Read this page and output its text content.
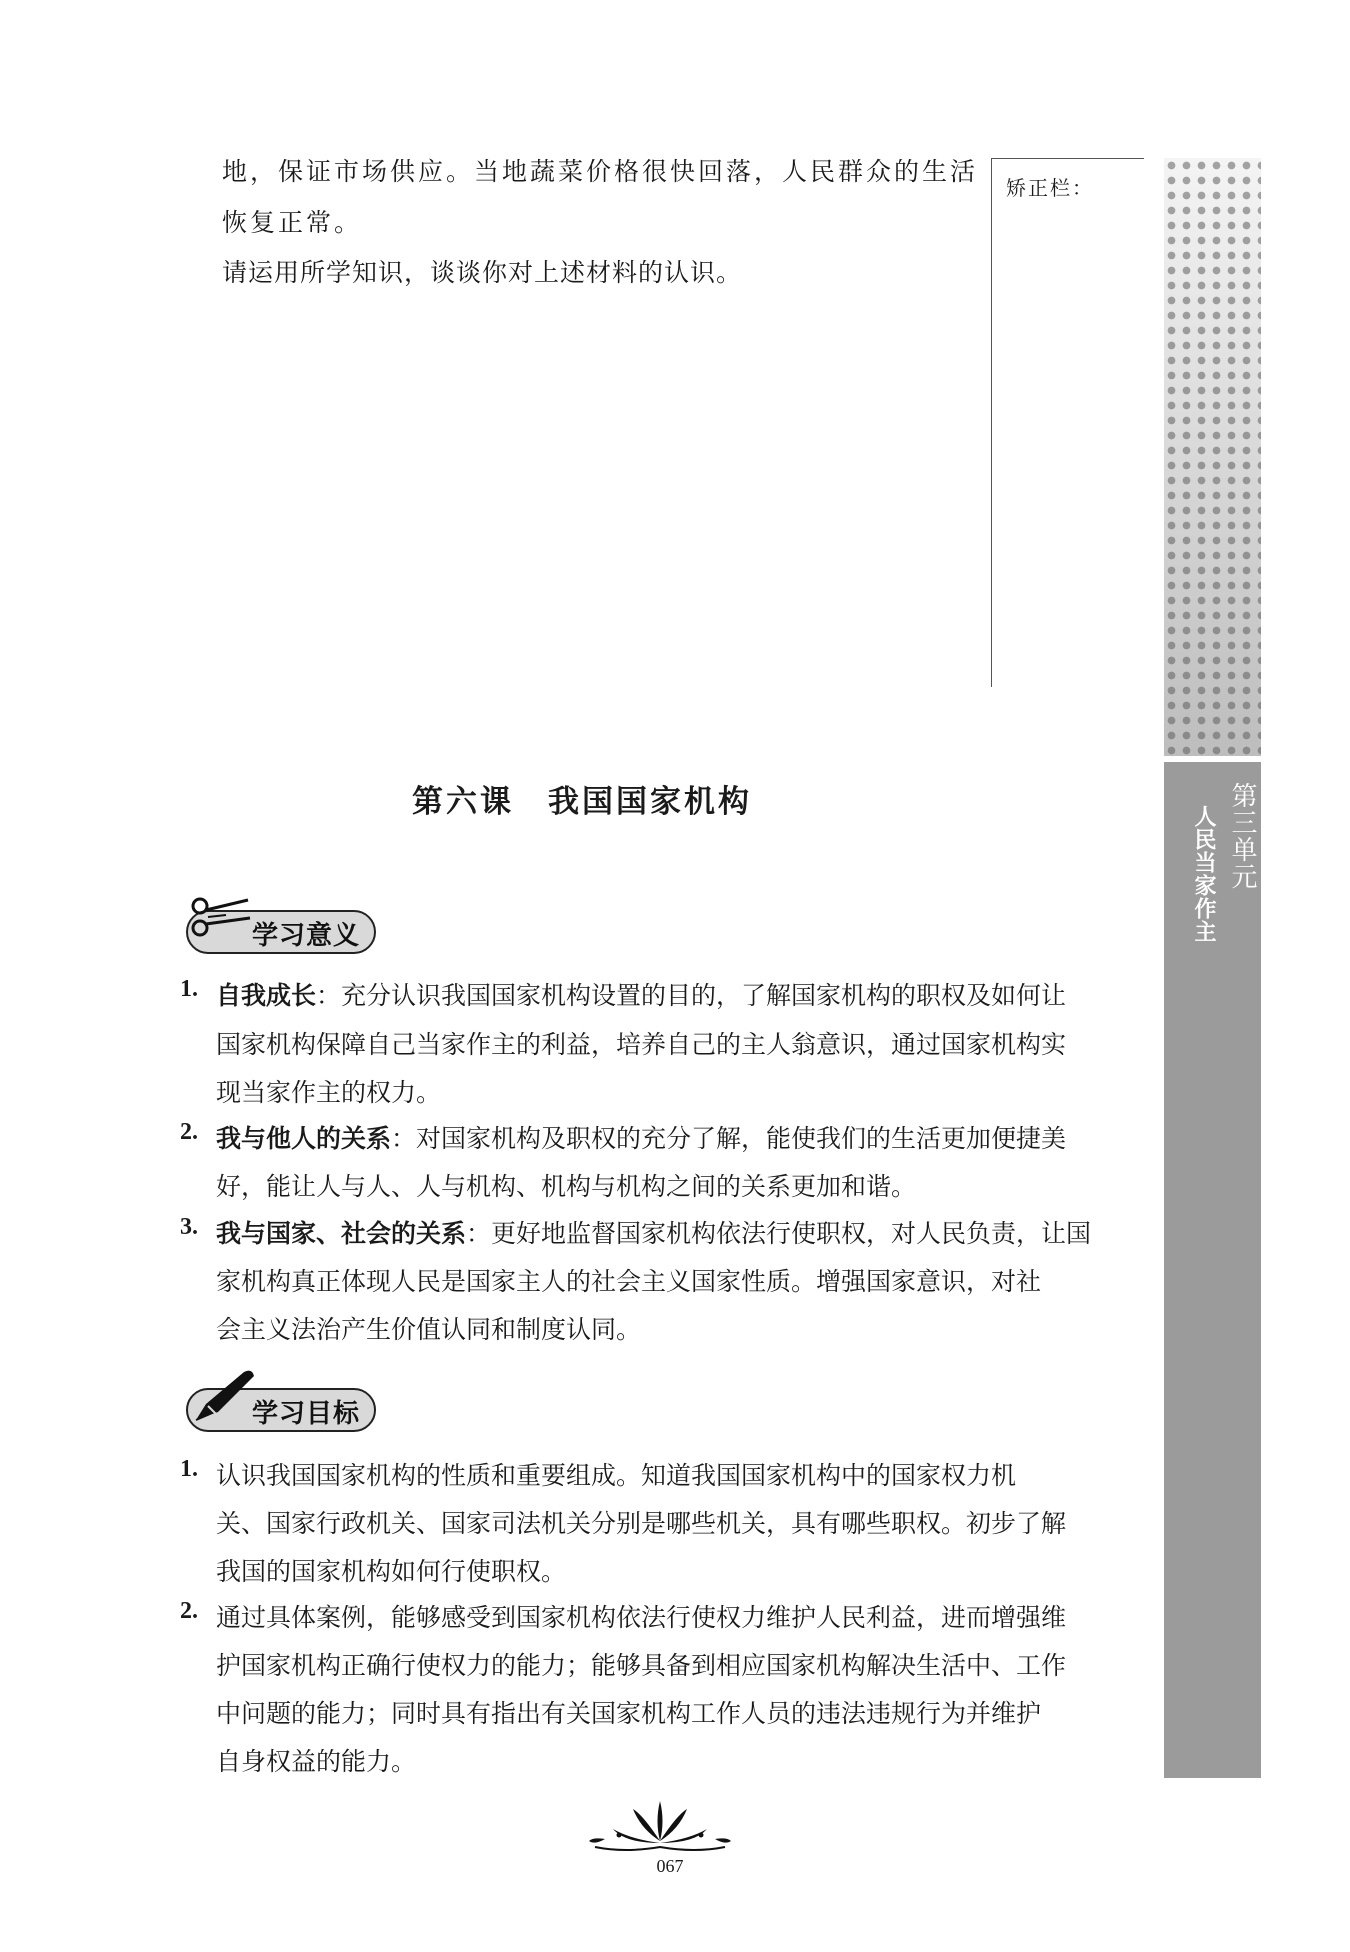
地，保证市场供应。当地蔬菜价格很快回落，人民群众的生活
恢复正常。
请运用所学知识，谈谈你对上述材料的认识。
矫正栏：
第三单元
人民当家作主
第六课　我国国家机构
学习意义
1. 自我成长：充分认识我国国家机构设置的目的，了解国家机构的职权及如何让
国家机构保障自己当家作主的利益，培养自己的主人翁意识，通过国家机构实
现当家作主的权力。
2. 我与他人的关系：对国家机构及职权的充分了解，能使我们的生活更加便捷美
好，能让人与人、人与机构、机构与机构之间的关系更加和谐。
3. 我与国家、社会的关系：更好地监督国家机构依法行使职权，对人民负责，让国
家机构真正体现人民是国家主人的社会主义国家性质。增强国家意识，对社
会主义法治产生价值认同和制度认同。
学习目标
1. 认识我国国家机构的性质和重要组成。知道我国国家机构中的国家权力机
关、国家行政机关、国家司法机关分别是哪些机关，具有哪些职权。初步了解
我国的国家机构如何行使职权。
2. 通过具体案例，能够感受到国家机构依法行使权力维护人民利益，进而增强维
护国家机构正确行使权力的能力；能够具备到相应国家机构解决生活中、工作
中问题的能力；同时具有指出有关国家机构工作人员的违法违规行为并维护
自身权益的能力。
067
